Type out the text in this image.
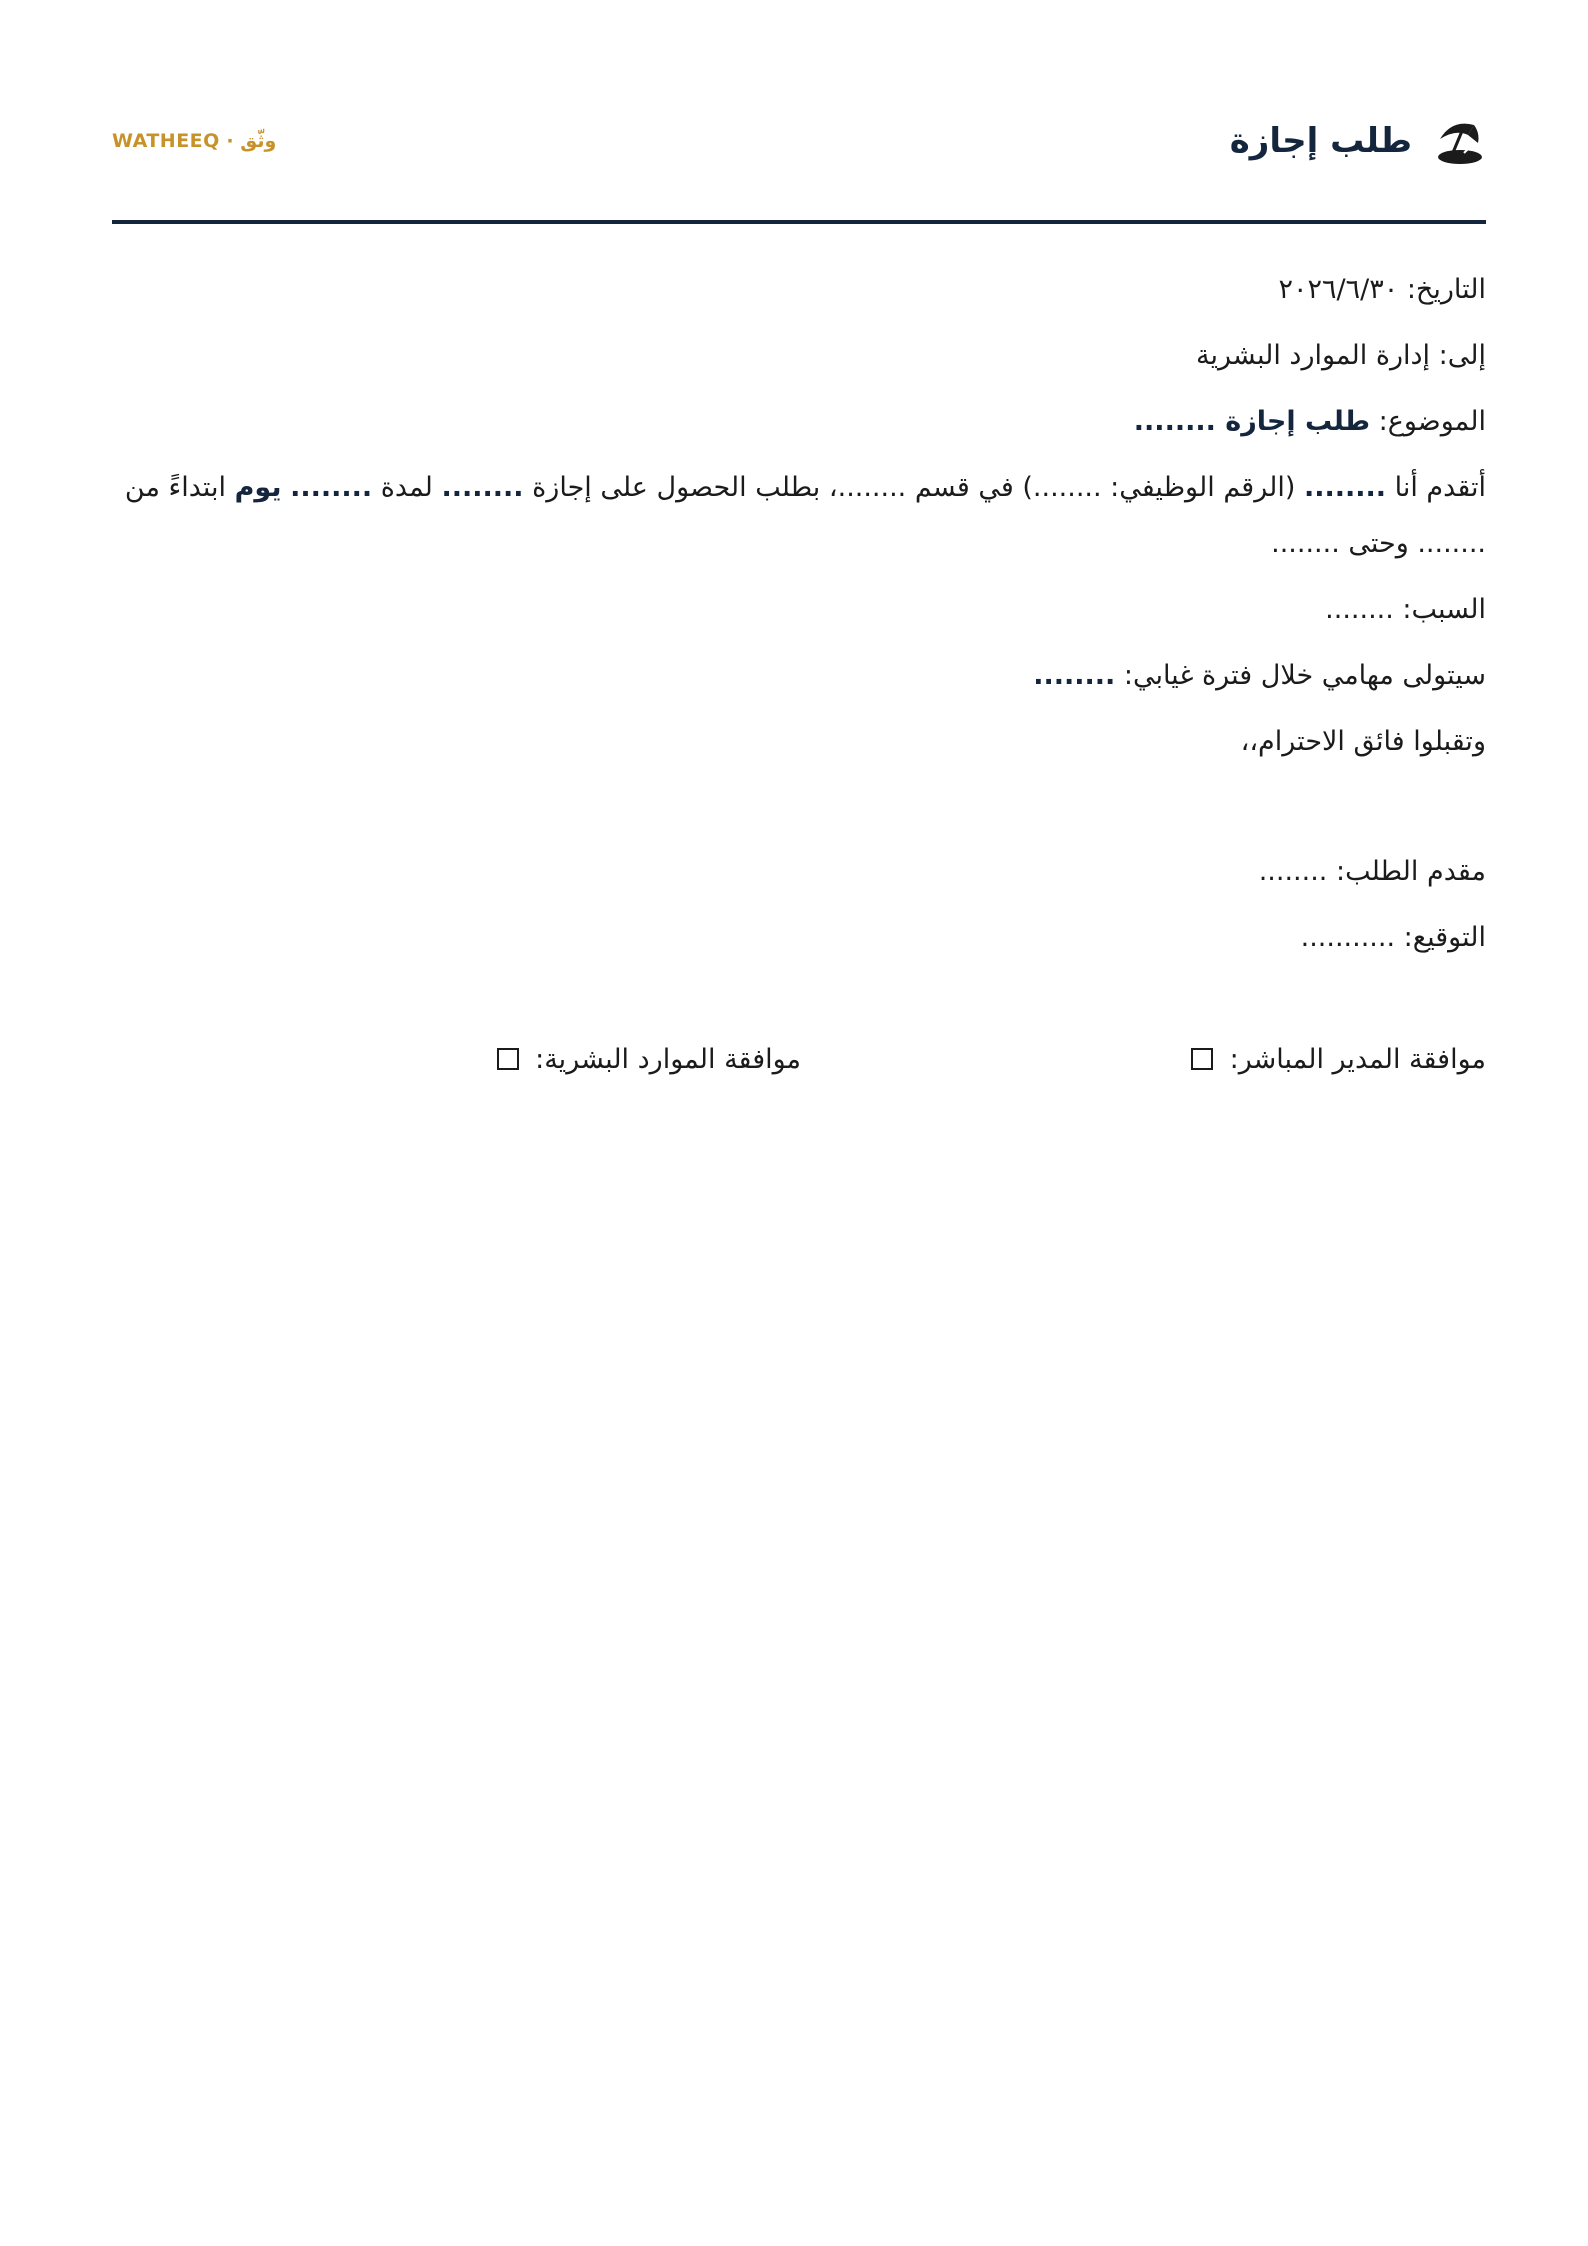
طلب إجازة
وثّق · WATHEEQ
التاريخ: ٢٠٢٦/٦/٣٠
إلى: إدارة الموارد البشرية
الموضوع: طلب إجازة ........
أتقدم أنا ........ (الرقم الوظيفي: ........) في قسم ........، بطلب الحصول على إجازة ........ لمدة ........ يوم ابتداءً من ........ وحتى ........
السبب: ........
سيتولى مهامي خلال فترة غيابي: ........
وتقبلوا فائق الاحترام،،
مقدم الطلب: ........
التوقيع: ...........
موافقة المدير المباشر:
موافقة الموارد البشرية:
